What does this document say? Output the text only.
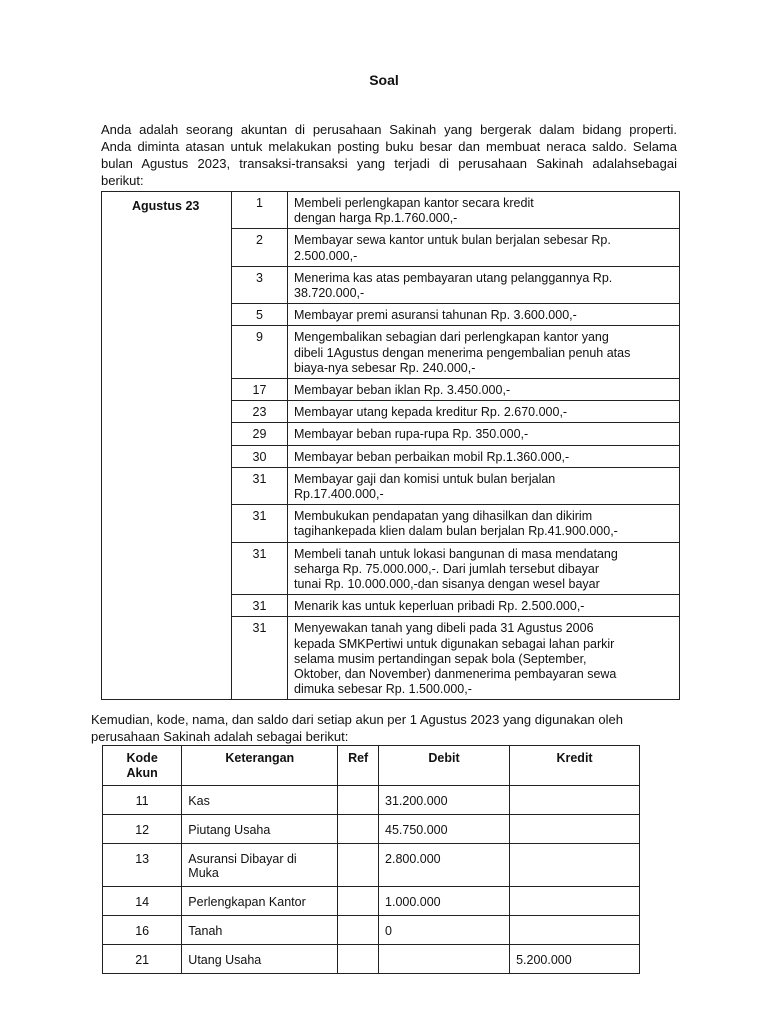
Soal
Anda adalah seorang akuntan di perusahaan Sakinah yang bergerak dalam bidang properti.
Anda diminta atasan untuk melakukan posting buku besar dan membuat neraca saldo. Selama
bulan Agustus 2023, transaksi-transaksi yang terjadi di perusahaan Sakinah adalahsebagai
berikut:
Agustus 23	1	Membeli perlengkapan kantor secara kredit
dengan harga Rp.1.760.000,-

	2	Membayar sewa kantor untuk bulan berjalan sebesar Rp.
2.500.000,-

	3	Menerima kas atas pembayaran utang pelanggannya Rp.
38.720.000,-

	5	Membayar premi asuransi tahunan Rp. 3.600.000,-

	9	Mengembalikan sebagian dari perlengkapan kantor yang
dibeli 1Agustus dengan menerima pengembalian penuh atas
biaya-nya sebesar Rp. 240.000,-

	17	Membayar beban iklan Rp. 3.450.000,-

	23	Membayar utang kepada kreditur Rp. 2.670.000,-

	29	Membayar beban rupa-rupa Rp. 350.000,-

	30	Membayar beban perbaikan mobil Rp.1.360.000,-

	31	Membayar gaji dan komisi untuk bulan berjalan
Rp.17.400.000,-

	31	Membukukan pendapatan yang dihasilkan dan dikirim
tagihankepada klien dalam bulan berjalan Rp.41.900.000,-

	31	Membeli tanah untuk lokasi bangunan di masa mendatang
seharga Rp. 75.000.000,-. Dari jumlah tersebut dibayar
tunai Rp. 10.000.000,-dan sisanya dengan wesel bayar

	31	Menarik kas untuk keperluan pribadi Rp. 2.500.000,-

	31	Menyewakan tanah yang dibeli pada 31 Agustus 2006
kepada SMKPertiwi untuk digunakan sebagai lahan parkir
selama musim pertandingan sepak bola (September,
Oktober, dan November) danmenerima pembayaran sewa
dimuka sebesar Rp. 1.500.000,-
Kemudian, kode, nama, dan saldo dari setiap akun per 1 Agustus 2023 yang digunakan oleh
perusahaan Sakinah adalah sebagai berikut:
Kode
Akun	Keterangan	Ref	Debit	Kredit
11	Kas		31.200.000	
12	Piutang Usaha		45.750.000	
13	Asuransi Dibayar di
Muka		2.800.000	
14	Perlengkapan Kantor		1.000.000	
16	Tanah		0	
21	Utang Usaha			5.200.000
